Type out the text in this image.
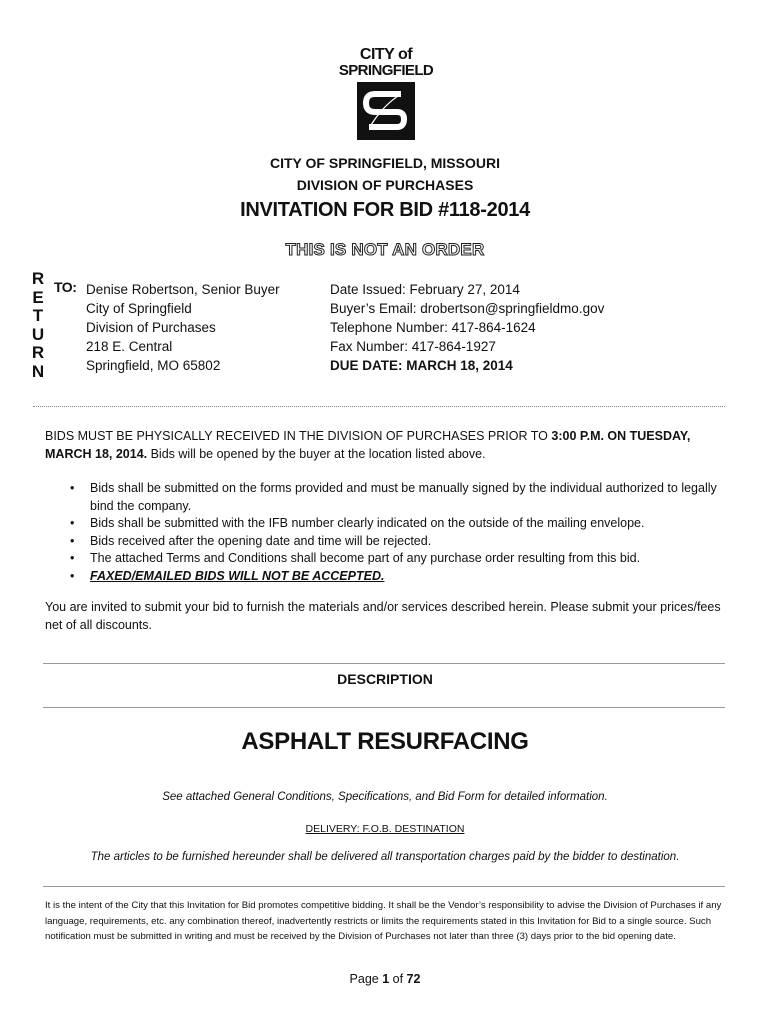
CITY of
SPRINGFIELD
CITY OF SPRINGFIELD, MISSOURI
DIVISION OF PURCHASES
INVITATION FOR BID #118-2014
THIS IS NOT AN ORDER
R
E
T
U
R
N
TO: Denise Robertson, Senior Buyer
City of Springfield
Division of Purchases
218 E. Central
Springfield, MO 65802
Date Issued: February 27, 2014
Buyer’s Email: drobertson@springfieldmo.gov
Telephone Number: 417-864-1624
Fax Number: 417-864-1927
DUE DATE: MARCH 18, 2014
BIDS MUST BE PHYSICALLY RECEIVED IN THE DIVISION OF PURCHASES PRIOR TO 3:00 P.M. ON TUESDAY, MARCH 18, 2014. Bids will be opened by the buyer at the location listed above.
• Bids shall be submitted on the forms provided and must be manually signed by the individual authorized to legally bind the company.
• Bids shall be submitted with the IFB number clearly indicated on the outside of the mailing envelope.
• Bids received after the opening date and time will be rejected.
• The attached Terms and Conditions shall become part of any purchase order resulting from this bid.
• FAXED/EMAILED BIDS WILL NOT BE ACCEPTED.
You are invited to submit your bid to furnish the materials and/or services described herein. Please submit your prices/fees net of all discounts.
DESCRIPTION
ASPHALT RESURFACING
See attached General Conditions, Specifications, and Bid Form for detailed information.
DELIVERY: F.O.B. DESTINATION
The articles to be furnished hereunder shall be delivered all transportation charges paid by the bidder to destination.
It is the intent of the City that this Invitation for Bid promotes competitive bidding. It shall be the Vendor’s responsibility to advise the Division of Purchases if any language, requirements, etc. any combination thereof, inadvertently restricts or limits the requirements stated in this Invitation for Bid to a single source. Such notification must be submitted in writing and must be received by the Division of Purchases not later than three (3) days prior to the bid opening date.
Page 1 of 72
